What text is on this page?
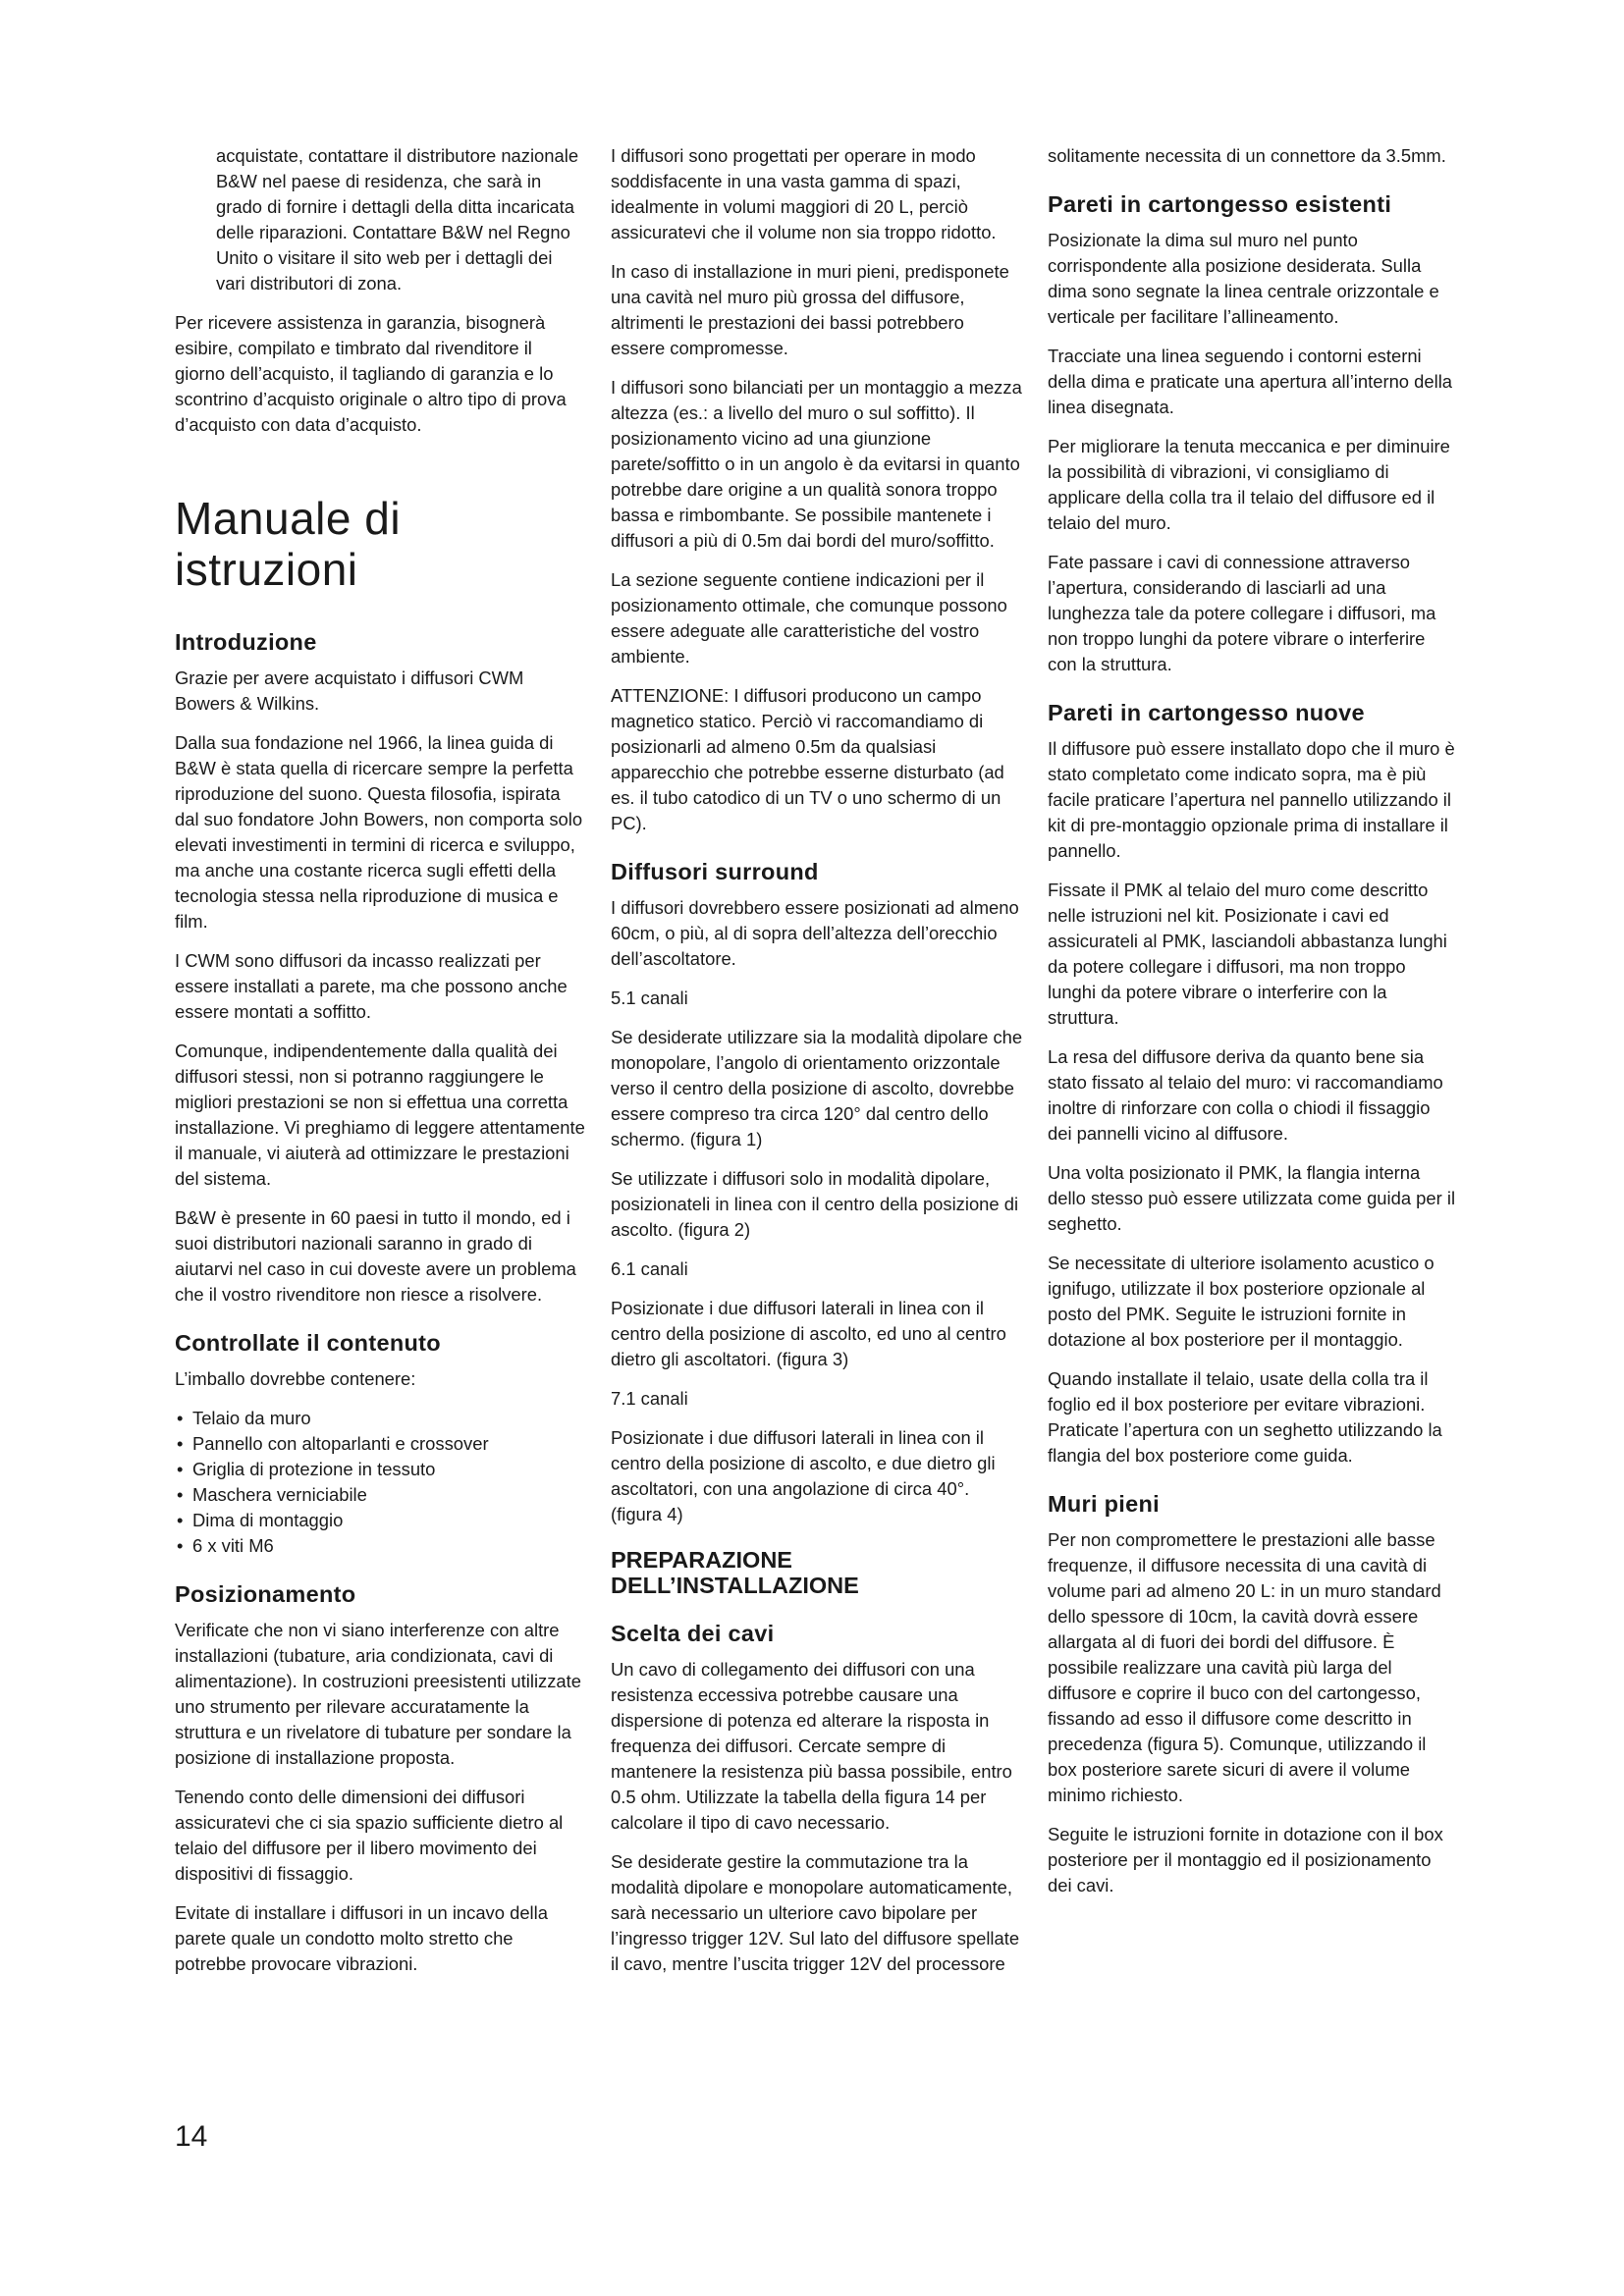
acquistate, contattare il distributore nazionale B&W nel paese di residenza, che sarà in grado di fornire i dettagli della ditta incaricata delle riparazioni. Contattare B&W nel Regno Unito o visitare il sito web per i dettagli dei vari distributori di zona.

Per ricevere assistenza in garanzia, bisognerà esibire, compilato e timbrato dal rivenditore il giorno dell’acquisto, il tagliando di garanzia e lo scontrino d’acquisto originale o altro tipo di prova d’acquisto con data d’acquisto.

Manuale di istruzioni
Introduzione

Grazie per avere acquistato i diffusori CWM Bowers & Wilkins.

Dalla sua fondazione nel 1966, la linea guida di B&W è stata quella di ricercare sempre la perfetta riproduzione del suono. Questa filosofia, ispirata dal suo fondatore John Bowers, non comporta solo elevati investimenti in termini di ricerca e sviluppo, ma anche una costante ricerca sugli effetti della tecnologia stessa nella riproduzione di musica e film.

I CWM sono diffusori da incasso realizzati per essere installati a parete, ma che possono anche essere montati a soffitto.

Comunque, indipendentemente dalla qualità dei diffusori stessi, non si potranno raggiungere le migliori prestazioni se non si effettua una corretta installazione. Vi preghiamo di leggere attentamente il manuale, vi aiuterà ad ottimizzare le prestazioni del sistema.

B&W è presente in 60 paesi in tutto il mondo, ed i suoi distributori nazionali saranno in grado di aiutarvi nel caso in cui doveste avere un problema che il vostro rivenditore non riesce a risolvere.

Controllate il contenuto

L’imballo dovrebbe contenere:

• Telaio da muro
• Pannello con altoparlanti e crossover
• Griglia di protezione in tessuto
• Maschera verniciabile
• Dima di montaggio
• 6 x viti M6
Posizionamento

Verificate che non vi siano interferenze con altre installazioni (tubature, aria condizionata, cavi di alimentazione). In costruzioni preesistenti utilizzate uno strumento per rilevare accuratamente la struttura e un rivelatore di tubature per sondare la posizione di installazione proposta.

Tenendo conto delle dimensioni dei diffusori assicuratevi che ci sia spazio sufficiente dietro al telaio del diffusore per il libero movimento dei dispositivi di fissaggio.

Evitate di installare i diffusori in un incavo della parete quale un condotto molto stretto che potrebbe provocare vibrazioni.

I diffusori sono progettati per operare in modo soddisfacente in una vasta gamma di spazi, idealmente in volumi maggiori di 20 L, perciò assicuratevi che il volume non sia troppo ridotto.

In caso di installazione in muri pieni, predisponete una cavità nel muro più grossa del diffusore, altrimenti le prestazioni dei bassi potrebbero essere compromesse.

I diffusori sono bilanciati per un montaggio a mezza altezza (es.: a livello del muro o sul soffitto). Il posizionamento vicino ad una giunzione parete/soffitto o in un angolo è da evitarsi in quanto potrebbe dare origine a un qualità sonora troppo bassa e rimbombante. Se possibile mantenete i diffusori a più di 0.5m dai bordi del muro/soffitto.

La sezione seguente contiene indicazioni per il posizionamento ottimale, che comunque possono essere adeguate alle caratteristiche del vostro ambiente.

ATTENZIONE: I diffusori producono un campo magnetico statico. Perciò vi raccomandiamo di posizionarli ad almeno 0.5m da qualsiasi apparecchio che potrebbe esserne disturbato (ad es. il tubo catodico di un TV o uno schermo di un PC).

Diffusori surround

I diffusori dovrebbero essere posizionati ad almeno 60cm, o più, al di sopra dell’altezza dell’orecchio dell’ascoltatore.

5.1 canali

Se desiderate utilizzare sia la modalità dipolare che monopolare, l’angolo di orientamento orizzontale verso il centro della posizione di ascolto, dovrebbe essere compreso tra circa 120° dal centro dello schermo. (figura 1)

Se utilizzate i diffusori solo in modalità dipolare, posizionateli in linea con il centro della posizione di ascolto. (figura 2)

6.1 canali

Posizionate i due diffusori laterali in linea con il centro della posizione di ascolto, ed uno al centro dietro gli ascoltatori. (figura 3)

7.1 canali

Posizionate i due diffusori laterali in linea con il centro della posizione di ascolto, e due dietro gli ascoltatori, con una angolazione di circa 40°. (figura 4)

PREPARAZIONE
DELL’INSTALLAZIONE
Scelta dei cavi

Un cavo di collegamento dei diffusori con una resistenza eccessiva potrebbe causare una dispersione di potenza ed alterare la risposta in frequenza dei diffusori. Cercate sempre di mantenere la resistenza più bassa possibile, entro 0.5 ohm. Utilizzate la tabella della figura 14 per calcolare il tipo di cavo necessario.

Se desiderate gestire la commutazione tra la modalità dipolare e monopolare automaticamente, sarà necessario un ulteriore cavo bipolare per l’ingresso trigger 12V. Sul lato del diffusore spellate il cavo, mentre l’uscita trigger 12V del processore

solitamente necessita di un connettore da 3.5mm.

Pareti in cartongesso esistenti

Posizionate la dima sul muro nel punto corrispondente alla posizione desiderata. Sulla dima sono segnate la linea centrale orizzontale e verticale per facilitare l’allineamento.

Tracciate una linea seguendo i contorni esterni della dima e praticate una apertura all’interno della linea disegnata.

Per migliorare la tenuta meccanica e per diminuire la possibilità di vibrazioni, vi consigliamo di applicare della colla tra il telaio del diffusore ed il telaio del muro.

Fate passare i cavi di connessione attraverso l’apertura, considerando di lasciarli ad una lunghezza tale da potere collegare i diffusori, ma non troppo lunghi da potere vibrare o interferire con la struttura.

Pareti in cartongesso nuove

Il diffusore può essere installato dopo che il muro è stato completato come indicato sopra, ma è più facile praticare l’apertura nel pannello utilizzando il kit di pre-montaggio opzionale prima di installare il pannello.

Fissate il PMK al telaio del muro come descritto nelle istruzioni nel kit. Posizionate i cavi ed assicurateli al PMK, lasciandoli abbastanza lunghi da potere collegare i diffusori, ma non troppo lunghi da potere vibrare o interferire con la struttura.

La resa del diffusore deriva da quanto bene sia stato fissato al telaio del muro: vi raccomandiamo inoltre di rinforzare con colla o chiodi il fissaggio dei pannelli vicino al diffusore.

Una volta posizionato il PMK, la flangia interna dello stesso può essere utilizzata come guida per il seghetto.

Se necessitate di ulteriore isolamento acustico o ignifugo, utilizzate il box posteriore opzionale al posto del PMK. Seguite le istruzioni fornite in dotazione al box posteriore per il montaggio.

Quando installate il telaio, usate della colla tra il foglio ed il box posteriore per evitare vibrazioni. Praticate l’apertura con un seghetto utilizzando la flangia del box posteriore come guida.

Muri pieni

Per non compromettere le prestazioni alle basse frequenze, il diffusore necessita di una cavità di volume pari ad almeno 20 L: in un muro standard dello spessore di 10cm, la cavità dovrà essere allargata al di fuori dei bordi del diffusore. È possibile realizzare una cavità più larga del diffusore e coprire il buco con del cartongesso, fissando ad esso il diffusore come descritto in precedenza (figura 5). Comunque, utilizzando il box posteriore sarete sicuri di avere il volume minimo richiesto.

Seguite le istruzioni fornite in dotazione con il box posteriore per il montaggio ed il posizionamento dei cavi.

14
